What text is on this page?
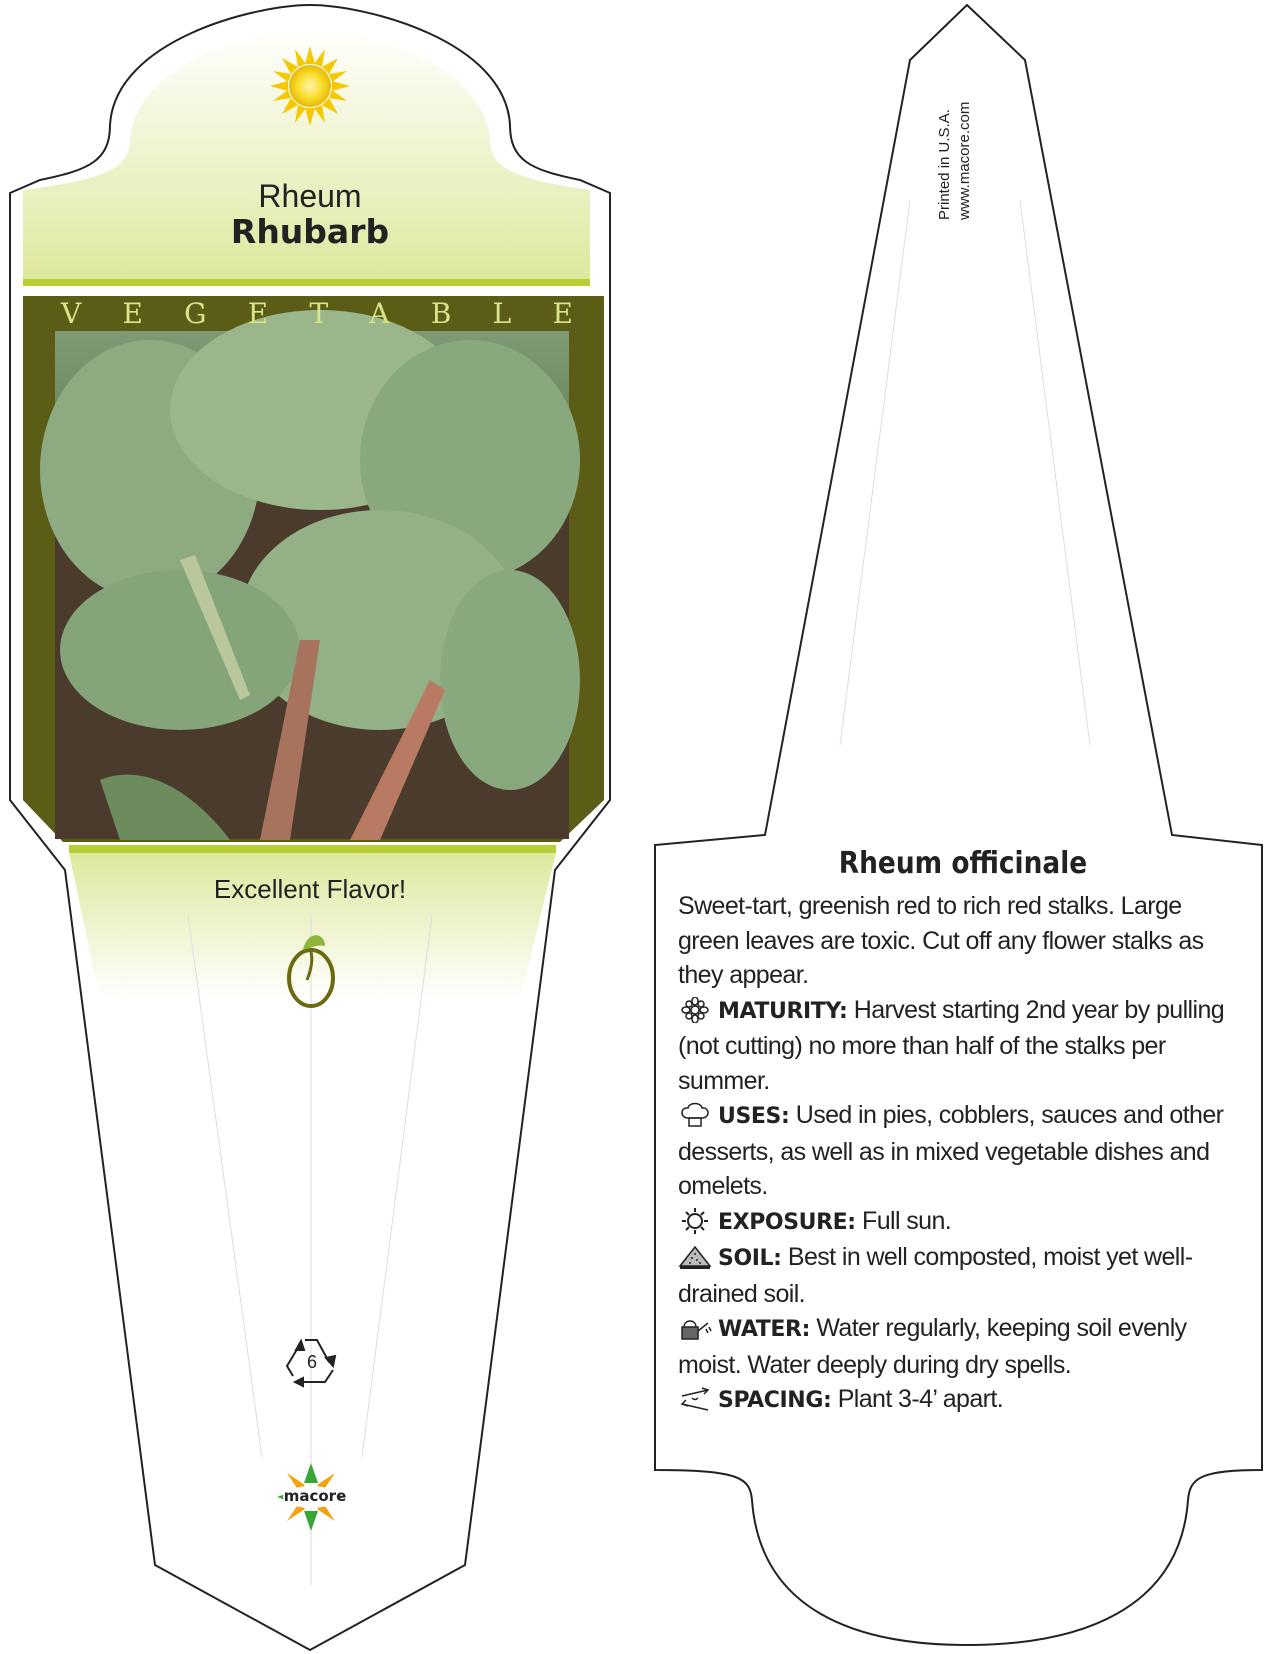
Rheum
Rhubarb
V E G E T A B L E
Excellent Flavor!
6
macore
Printed in U.S.A. www.macore.com
Rheum officinale

Sweet-tart, greenish red to rich red stalks. Large green leaves are toxic. Cut off any flower stalks as they appear.

MATURITY: Harvest starting 2nd year by pulling (not cutting) no more than half of the stalks per summer.

USES: Used in pies, cobblers, sauces and other desserts, as well as in mixed vegetable dishes and omelets.

EXPOSURE: Full sun.

SOIL: Best in well composted, moist yet well-drained soil.

WATER: Water regularly, keeping soil evenly moist. Water deeply during dry spells.

SPACING: Plant 3-4’ apart.
